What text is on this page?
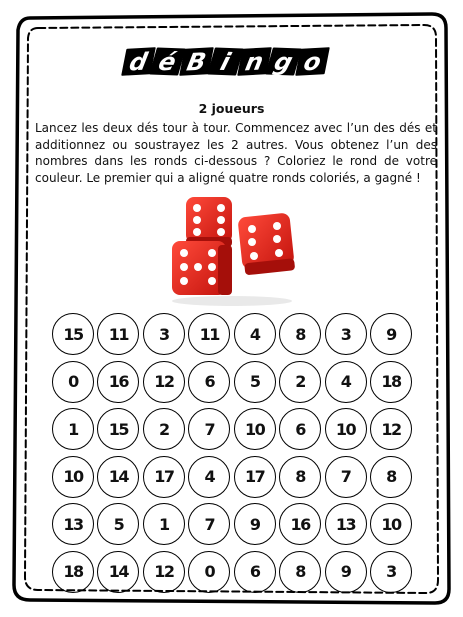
d é B i n g o
2 joueurs
Lancez les deux dés tour à tour. Commencez avec l’un des dés et additionnez ou soustrayez les 2 autres. Vous obtenez l’un des nombres dans les ronds ci-dessous ? Coloriez le rond de votre couleur. Le premier qui a aligné quatre ronds coloriés, a gagné !
15	11	3	11	4	8	3	9
0	16	12	6	5	2	4	18
1	15	2	7	10	6	10	12
10	14	17	4	17	8	7	8
13	5	1	7	9	16	13	10
18	14	12	0	6	8	9	3
